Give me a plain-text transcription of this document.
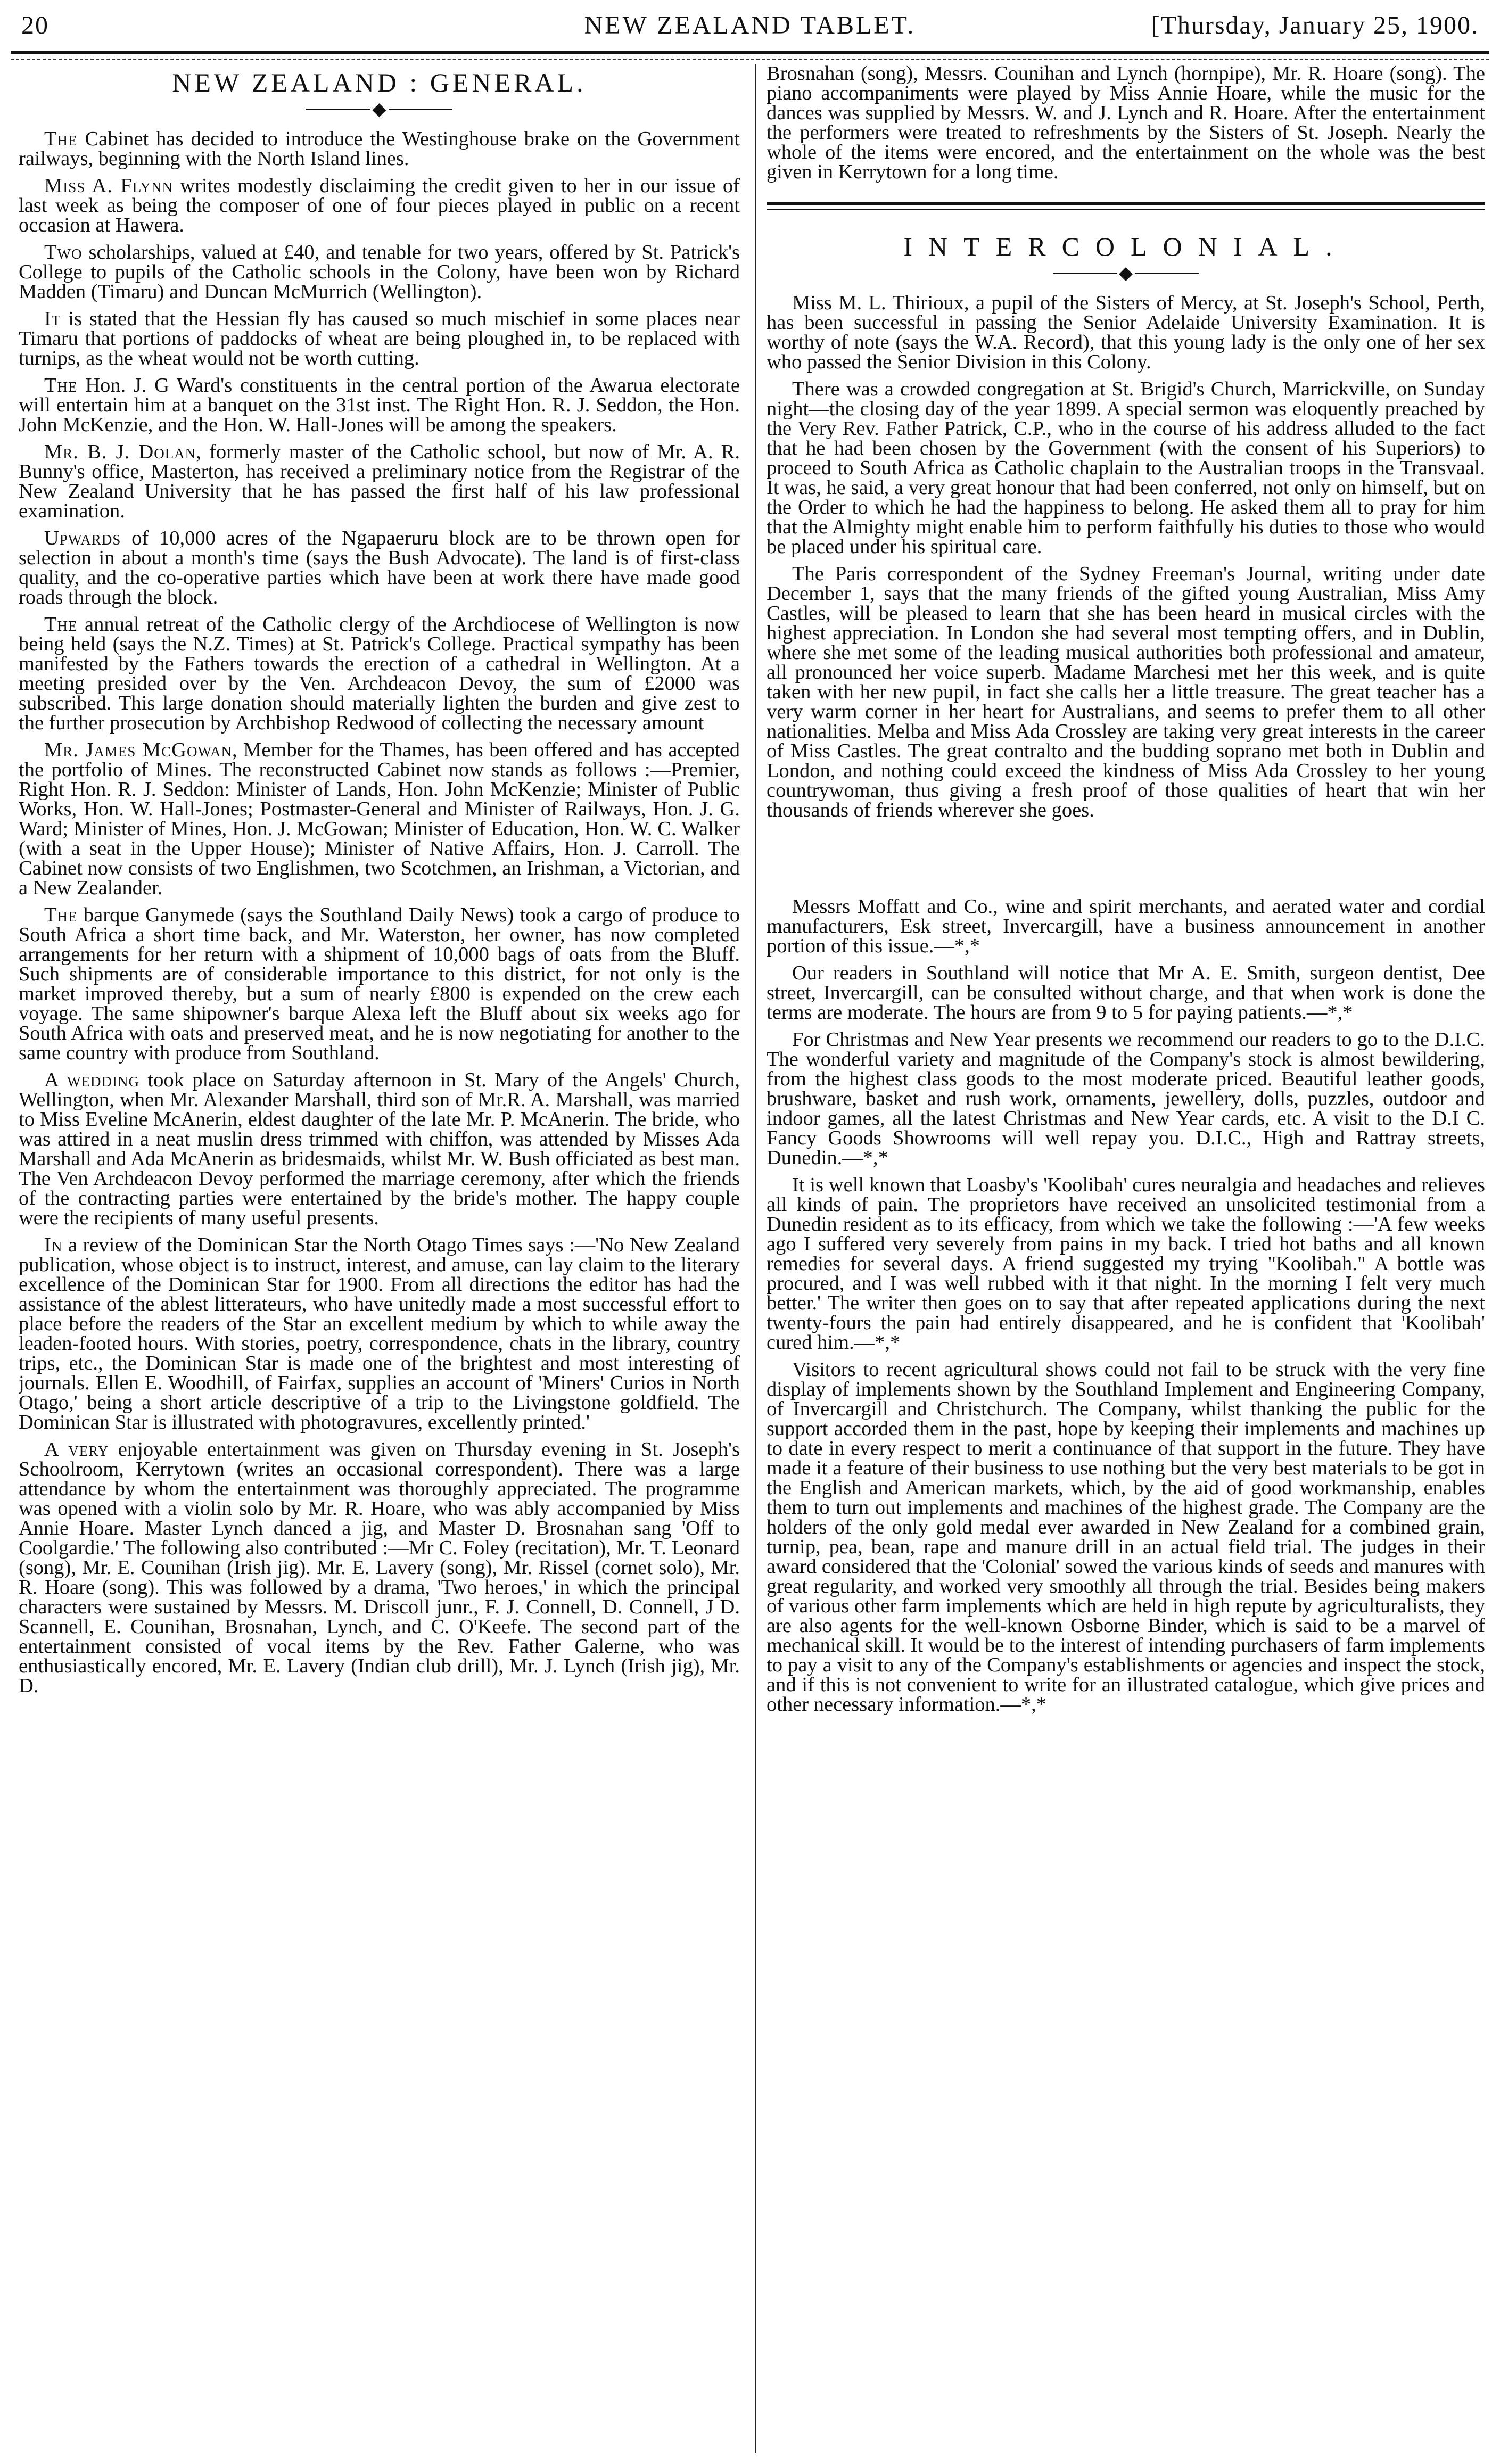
20	NEW ZEALAND TABLET.	[Thursday, January 25, 1900.
NEW ZEALAND : GENERAL.
◆

The Cabinet has decided to introduce the Westinghouse brake on the Government railways, beginning with the North Island lines.

Miss A. Flynn writes modestly disclaiming the credit given to her in our issue of last week as being the composer of one of four pieces played in public on a recent occasion at Hawera.

Two scholarships, valued at £40, and tenable for two years, offered by St. Patrick's College to pupils of the Catholic schools in the Colony, have been won by Richard Madden (Timaru) and Duncan McMurrich (Wellington).

It is stated that the Hessian fly has caused so much mischief in some places near Timaru that portions of paddocks of wheat are being ploughed in, to be replaced with turnips, as the wheat would not be worth cutting.

The Hon. J. G Ward's constituents in the central portion of the Awarua electorate will entertain him at a banquet on the 31st inst. The Right Hon. R. J. Seddon, the Hon. John McKenzie, and the Hon. W. Hall-Jones will be among the speakers.

Mr. B. J. Dolan, formerly master of the Catholic school, but now of Mr. A. R. Bunny's office, Masterton, has received a preliminary notice from the Registrar of the New Zealand University that he has passed the first half of his law professional examination.

Upwards of 10,000 acres of the Ngapaeruru block are to be thrown open for selection in about a month's time (says the Bush Advocate). The land is of first-class quality, and the co-operative parties which have been at work there have made good roads through the block.

The annual retreat of the Catholic clergy of the Archdiocese of Wellington is now being held (says the N.Z. Times) at St. Patrick's College. Practical sympathy has been manifested by the Fathers towards the erection of a cathedral in Wellington. At a meeting presided over by the Ven. Archdeacon Devoy, the sum of £2000 was subscribed. This large donation should materially lighten the burden and give zest to the further prosecution by Archbishop Redwood of collecting the necessary amount

Mr. James McGowan, Member for the Thames, has been offered and has accepted the portfolio of Mines. The reconstructed Cabinet now stands as follows :—Premier, Right Hon. R. J. Seddon: Minister of Lands, Hon. John McKenzie; Minister of Public Works, Hon. W. Hall-Jones; Postmaster-General and Minister of Railways, Hon. J. G. Ward; Minister of Mines, Hon. J. McGowan; Minister of Education, Hon. W. C. Walker (with a seat in the Upper House); Minister of Native Affairs, Hon. J. Carroll. The Cabinet now consists of two Englishmen, two Scotchmen, an Irishman, a Victorian, and a New Zealander.

The barque Ganymede (says the Southland Daily News) took a cargo of produce to South Africa a short time back, and Mr. Waterston, her owner, has now completed arrangements for her return with a shipment of 10,000 bags of oats from the Bluff. Such shipments are of considerable importance to this district, for not only is the market improved thereby, but a sum of nearly £800 is expended on the crew each voyage. The same shipowner's barque Alexa left the Bluff about six weeks ago for South Africa with oats and preserved meat, and he is now negotiating for another to the same country with produce from Southland.

A wedding took place on Saturday afternoon in St. Mary of the Angels' Church, Wellington, when Mr. Alexander Marshall, third son of Mr.R. A. Marshall, was married to Miss Eveline McAnerin, eldest daughter of the late Mr. P. McAnerin. The bride, who was attired in a neat muslin dress trimmed with chiffon, was attended by Misses Ada Marshall and Ada McAnerin as bridesmaids, whilst Mr. W. Bush officiated as best man. The Ven Archdeacon Devoy performed the marriage ceremony, after which the friends of the contracting parties were entertained by the bride's mother. The happy couple were the recipients of many useful presents.

In a review of the Dominican Star the North Otago Times says :—'No New Zealand publication, whose object is to instruct, interest, and amuse, can lay claim to the literary excellence of the Dominican Star for 1900. From all directions the editor has had the assistance of the ablest litterateurs, who have unitedly made a most successful effort to place before the readers of the Star an excellent medium by which to while away the leaden-footed hours. With stories, poetry, correspondence, chats in the library, country trips, etc., the Dominican Star is made one of the brightest and most interesting of journals. Ellen E. Woodhill, of Fairfax, supplies an account of 'Miners' Curios in North Otago,' being a short article descriptive of a trip to the Livingstone goldfield. The Dominican Star is illustrated with photogravures, excellently printed.'

A very enjoyable entertainment was given on Thursday evening in St. Joseph's Schoolroom, Kerrytown (writes an occasional correspondent). There was a large attendance by whom the entertainment was thoroughly appreciated. The programme was opened with a violin solo by Mr. R. Hoare, who was ably accompanied by Miss Annie Hoare. Master Lynch danced a jig, and Master D. Brosnahan sang 'Off to Coolgardie.' The following also contributed :—Mr C. Foley (recitation), Mr. T. Leonard (song), Mr. E. Counihan (Irish jig). Mr. E. Lavery (song), Mr. Rissel (cornet solo), Mr. R. Hoare (song). This was followed by a drama, 'Two heroes,' in which the principal characters were sustained by Messrs. M. Driscoll junr., F. J. Connell, D. Connell, J D. Scannell, E. Counihan, Brosnahan, Lynch, and C. O'Keefe. The second part of the entertainment consisted of vocal items by the Rev. Father Galerne, who was enthusiastically encored, Mr. E. Lavery (Indian club drill), Mr. J. Lynch (Irish jig), Mr. D.

Brosnahan (song), Messrs. Counihan and Lynch (hornpipe), Mr. R. Hoare (song). The piano accompaniments were played by Miss Annie Hoare, while the music for the dances was supplied by Messrs. W. and J. Lynch and R. Hoare. After the entertainment the performers were treated to refreshments by the Sisters of St. Joseph. Nearly the whole of the items were encored, and the entertainment on the whole was the best given in Kerrytown for a long time.

INTERCOLONIAL.
◆

Miss M. L. Thirioux, a pupil of the Sisters of Mercy, at St. Joseph's School, Perth, has been successful in passing the Senior Adelaide University Examination. It is worthy of note (says the W.A. Record), that this young lady is the only one of her sex who passed the Senior Division in this Colony.

There was a crowded congregation at St. Brigid's Church, Marrickville, on Sunday night—the closing day of the year 1899. A special sermon was eloquently preached by the Very Rev. Father Patrick, C.P., who in the course of his address alluded to the fact that he had been chosen by the Government (with the consent of his Superiors) to proceed to South Africa as Catholic chaplain to the Australian troops in the Transvaal. It was, he said, a very great honour that had been conferred, not only on himself, but on the Order to which he had the happiness to belong. He asked them all to pray for him that the Almighty might enable him to perform faithfully his duties to those who would be placed under his spiritual care.

The Paris correspondent of the Sydney Freeman's Journal, writing under date December 1, says that the many friends of the gifted young Australian, Miss Amy Castles, will be pleased to learn that she has been heard in musical circles with the highest appreciation. In London she had several most tempting offers, and in Dublin, where she met some of the leading musical authorities both professional and amateur, all pronounced her voice superb. Madame Marchesi met her this week, and is quite taken with her new pupil, in fact she calls her a little treasure. The great teacher has a very warm corner in her heart for Australians, and seems to prefer them to all other nationalities. Melba and Miss Ada Crossley are taking very great interests in the career of Miss Castles. The great contralto and the budding soprano met both in Dublin and London, and nothing could exceed the kindness of Miss Ada Crossley to her young countrywoman, thus giving a fresh proof of those qualities of heart that win her thousands of friends wherever she goes.

Messrs Moffatt and Co., wine and spirit merchants, and aerated water and cordial manufacturers, Esk street, Invercargill, have a business announcement in another portion of this issue.—*,*

Our readers in Southland will notice that Mr A. E. Smith, surgeon dentist, Dee street, Invercargill, can be consulted without charge, and that when work is done the terms are moderate. The hours are from 9 to 5 for paying patients.—*,*

For Christmas and New Year presents we recommend our readers to go to the D.I.C. The wonderful variety and magnitude of the Company's stock is almost bewildering, from the highest class goods to the most moderate priced. Beautiful leather goods, brushware, basket and rush work, ornaments, jewellery, dolls, puzzles, outdoor and indoor games, all the latest Christmas and New Year cards, etc. A visit to the D.I C. Fancy Goods Showrooms will well repay you. D.I.C., High and Rattray streets, Dunedin.—*,*

It is well known that Loasby's 'Koolibah' cures neuralgia and headaches and relieves all kinds of pain. The proprietors have received an unsolicited testimonial from a Dunedin resident as to its efficacy, from which we take the following :—'A few weeks ago I suffered very severely from pains in my back. I tried hot baths and all known remedies for several days. A friend suggested my trying "Koolibah." A bottle was procured, and I was well rubbed with it that night. In the morning I felt very much better.' The writer then goes on to say that after repeated applications during the next twenty-fours the pain had entirely disappeared, and he is confident that 'Koolibah' cured him.—*,*

Visitors to recent agricultural shows could not fail to be struck with the very fine display of implements shown by the Southland Implement and Engineering Company, of Invercargill and Christchurch. The Company, whilst thanking the public for the support accorded them in the past, hope by keeping their implements and machines up to date in every respect to merit a continuance of that support in the future. They have made it a feature of their business to use nothing but the very best materials to be got in the English and American markets, which, by the aid of good workmanship, enables them to turn out implements and machines of the highest grade. The Company are the holders of the only gold medal ever awarded in New Zealand for a combined grain, turnip, pea, bean, rape and manure drill in an actual field trial. The judges in their award considered that the 'Colonial' sowed the various kinds of seeds and manures with great regularity, and worked very smoothly all through the trial. Besides being makers of various other farm implements which are held in high repute by agriculturalists, they are also agents for the well-known Osborne Binder, which is said to be a marvel of mechanical skill. It would be to the interest of intending purchasers of farm implements to pay a visit to any of the Company's establishments or agencies and inspect the stock, and if this is not convenient to write for an illustrated catalogue, which give prices and other necessary information.—*,*
